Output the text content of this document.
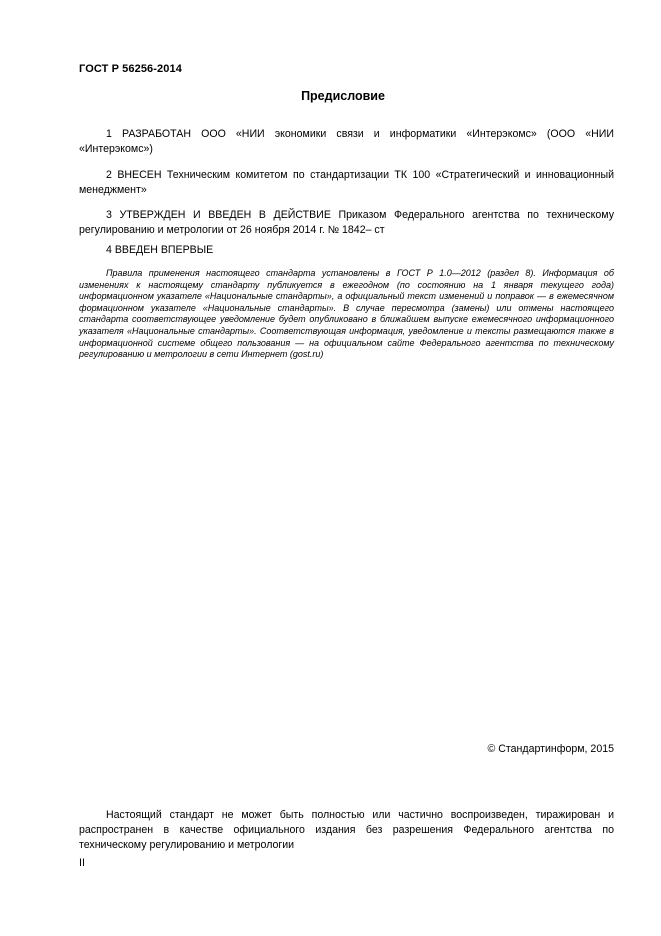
ГОСТ Р 56256-2014
Предисловие

1 РАЗРАБОТАН ООО «НИИ экономики связи и информатики «Интерэкомс» (ООО «НИИ «Интерэкомс»)

2 ВНЕСЕН Техническим комитетом по стандартизации ТК 100 «Стратегический и инновационный менеджмент»

3 УТВЕРЖДЕН И ВВЕДЕН В ДЕЙСТВИЕ Приказом Федерального агентства по техническому регулированию и метрологии от 26 ноября 2014 г. № 1842– ст

4 ВВЕДЕН ВПЕРВЫЕ

Правила применения настоящего стандарта установлены в ГОСТ Р 1.0—2012 (раздел 8). Информация об изменениях к настоящему стандарту публикуется в ежегодном (по состоянию на 1 января текущего года) информационном указателе «Национальные стандарты», а официальный текст изменений и поправок — в ежемесячном формационном указателе «Национальные стандарты». В случае пересмотра (замены) или отмены настоящего стандарта соответствующее уведомление будет опубликовано в ближайшем выпуске ежемесячного информационного указателя «Национальные стандарты». Соответствующая информация, уведомление и тексты размещаются также в информационной системе общего пользования — на официальном сайте Федерального агентства по техническому регулированию и метрологии в сети Интернет (gost.ru)

© Стандартинформ, 2015

Настоящий стандарт не может быть полностью или частично воспроизведен, тиражирован и распространен в качестве официального издания без разрешения Федерального агентства по техническому регулированию и метрологии

II
